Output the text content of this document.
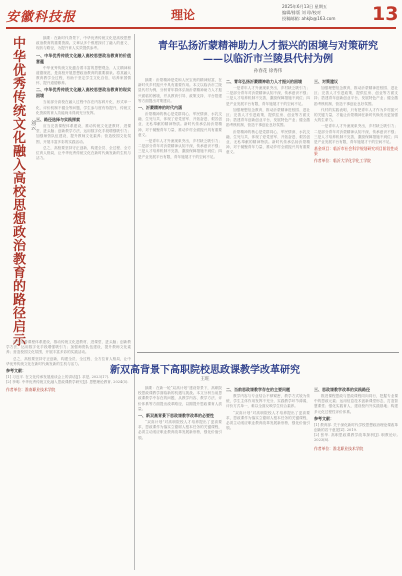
安徽科技报	理论
2025年6月13日 星期五
编辑/排版 刘 琼/校对
投稿邮箱: ahkjb@163.com 13
中华优秀传统文化融入高校思想政治教育的路径启示 刘云

摘要：在新时代背景下，中华优秀传统文化是高校思想政治教育的重要资源。文章从多个维度探讨了融入的意义、现状与路径，为提升育人实效提供参考。

一、中华优秀传统文化融入高校思想政治教育的价值意蕴

中华优秀传统文化蕴含着丰富的思想观念、人文精神和道德规范，是高校开展思想政治教育的重要源泉。将其融入教育教学全过程，有助于坚定学生文化自信，培养家国情怀，提升道德修养。

二、中华优秀传统文化融入高校思想政治教育的现实困境

当前部分高校在融入过程中存在内容碎片化、形式单一化、评价机制不健全等问题，学生参与度有待提升，传统文化资源的育人功能尚未得到充分发挥。

三、路径选择与实践探索

应当完善课程体系建设，推动传统文化进教材、进课堂、进头脑；创新教学方法，运用数字化手段增强吸引力；加强师资队伍建设，提升教师文化素养；营造校园文化氛围，开展丰富多彩的实践活动。

总之，高校要坚持守正创新，构建全员、全过程、全方位育人格局，让中华优秀传统文化在新时代焕发新的生机与活力。

应当完善课程体系建设，推动传统文化进教材、进课堂、进头脑；创新教学方法，运用数字化手段增强吸引力；加强师资队伍建设，提升教师文化素养；营造校园文化氛围，开展丰富多彩的实践活动。

总之，高校要坚持守正创新，构建全员、全过程、全方位育人格局，让中华优秀传统文化在新时代焕发新的生机与活力。

参考文献：
[1] 习近平. 在文化传承发展座谈会上的讲话[J]. 求是, 2023(17).
[2] 李明. 中华优秀传统文化融入思政课教学研究[J]. 思想理论教育, 2024(5).
作者单位：淮南职业技术学院
青年弘扬沂蒙精神助力人才振兴的困境与对策研究
——以临沂市兰陵县代村为例
孙春花 徐秀伟

摘要：沂蒙精神是党和人民宝贵的精神财富，在新时代乡村振兴中具有重要作用。本文以临沂市兰陵县代村为例，分析青年群体弘扬沂蒙精神助力人才振兴面临的困境，并从教育引导、政策支持、平台搭建等方面提出对策建议。

一、沂蒙精神的时代内涵

沂蒙精神的核心是党群同心、军民情深、水乳交融、生死与共，体现了爱党爱军、开拓奋进、艰苦创业、无私奉献的精神特质。新时代传承弘扬沂蒙精神，对于凝聚青年力量、推动乡村全面振兴具有重要意义。

一是青年人才外流现象突出，乡村缺乏吸引力；二是部分青年对沂蒙精神认知不深，传承意识不强；三是人才培养机制不完善，激励保障措施不到位；四是产业发展平台有限，青年施展才干的空间不足。

二、青年弘扬沂蒙精神助力人才振兴的困境

一是青年人才外流现象突出，乡村缺乏吸引力；二是部分青年对沂蒙精神认知不深，传承意识不强；三是人才培养机制不完善，激励保障措施不到位；四是产业发展平台有限，青年施展才干的空间不足。

加强理想信念教育，推动沂蒙精神进校园、进社区；完善人才引进政策，提供住房、创业等方面支持；搭建青年创新创业平台，发展特色产业；健全激励考核机制，营造干事创业良好氛围。

沂蒙精神的核心是党群同心、军民情深、水乳交融、生死与共，体现了爱党爱军、开拓奋进、艰苦创业、无私奉献的精神特质。新时代传承弘扬沂蒙精神，对于凝聚青年力量、推动乡村全面振兴具有重要意义。

三、对策建议

加强理想信念教育，推动沂蒙精神进校园、进社区；完善人才引进政策，提供住房、创业等方面支持；搭建青年创新创业平台，发展特色产业；健全激励考核机制，营造干事创业良好氛围。

代村的实践表明，只有把青年人才作为乡村振兴的关键力量，才能让沂蒙精神在新时代焕发出更加强大的生命力。

一是青年人才外流现象突出，乡村缺乏吸引力；二是部分青年对沂蒙精神认知不深，传承意识不强；三是人才培养机制不完善，激励保障措施不到位；四是产业发展平台有限，青年施展才干的空间不足。

基金项目：临沂市社会科学规划研究项目阶段性成果
作者单位：临沂大学化学化工学院
新双高背景下高职院校思政课教学改革研究
王旺

摘要：在新一轮“双高计划”建设背景下，高职院校思政课教学面临新的机遇与挑战。本文分析当前思政课教学中存在的问题，从教学内容、教学方法、评价体系等方面提出改革路径，以期提升思政课育人质量。

一、新双高背景下思政课教学改革的必要性

“双高计划”对高职院校人才培养提出了更高要求，思政课作为落实立德树人根本任务的关键课程，必须主动适应职业教育改革发展新形势，强化价值引领。

二、当前思政课教学存在的主要问题

教学内容与专业结合不够紧密，教学方式较为传统，学生主体作用发挥不充分，实践教学环节薄弱，评价方式单一，难以全面反映学生综合素养。

“双高计划”对高职院校人才培养提出了更高要求，思政课作为落实立德树人根本任务的关键课程，必须主动适应职业教育改革发展新形势，强化价值引领。

三、思政课教学改革的实践路径

推进课程思政与思政课程同向同行，挖掘专业课中的思政元素；运用信息技术创新课堂形态，打造智慧课堂；强化实践育人，建设校内外实践基地；构建多元化过程性评价体系。

参考文献：
[1] 教育部. 关于深化新时代学校思想政治理论课改革创新的若干意见[Z]. 2019.
[2] 张华. 高职思政课教学改革探析[J]. 职教论坛, 2023(8).
作者单位：淮北职业技术学院
